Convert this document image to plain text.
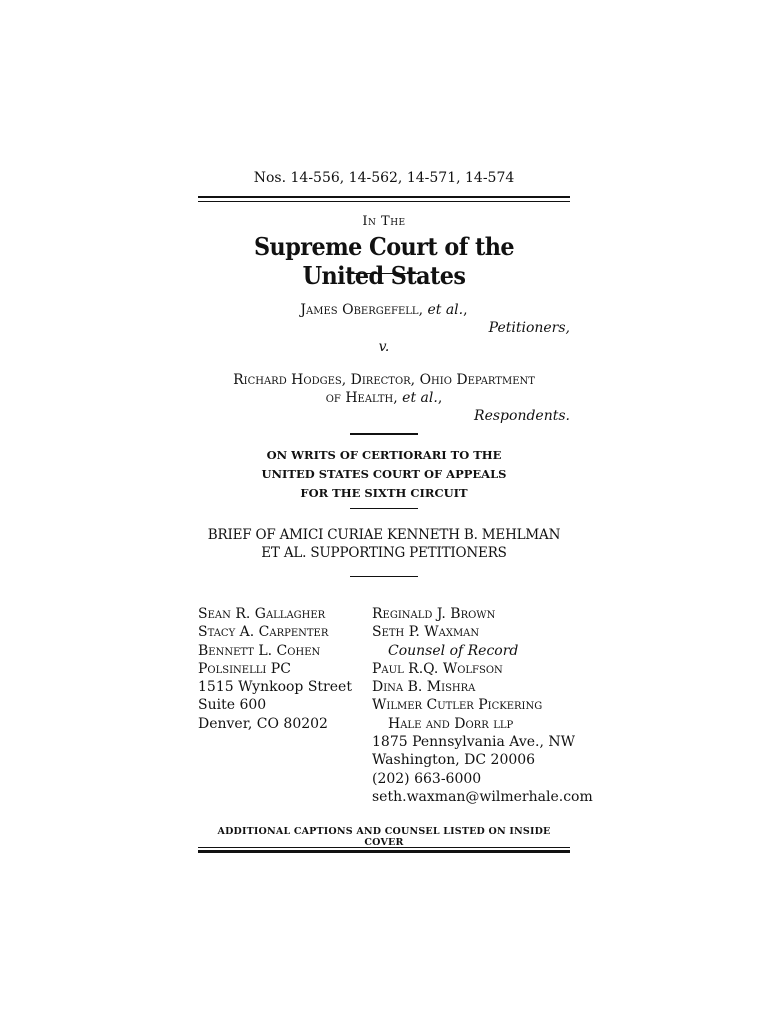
Nos. 14-556, 14-562, 14-571, 14-574
In The
Supreme Court of the United States
James Obergefell, et al.,
Petitioners,
v.
Richard Hodges, Director, Ohio Department
of Health, et al.,
Respondents.
ON WRITS OF CERTIORARI TO THE
UNITED STATES COURT OF APPEALS
FOR THE SIXTH CIRCUIT
BRIEF OF AMICI CURIAE KENNETH B. MEHLMAN
ET AL. SUPPORTING PETITIONERS
Sean R. Gallagher
Stacy A. Carpenter
Bennett L. Cohen
Polsinelli PC
1515 Wynkoop Street
Suite 600
Denver, CO 80202
Reginald J. Brown
Seth P. Waxman
Counsel of Record
Paul R.Q. Wolfson
Dina B. Mishra
Wilmer Cutler Pickering
Hale and Dorr llp
1875 Pennsylvania Ave., NW
Washington, DC 20006
(202) 663-6000
seth.waxman@wilmerhale.com
ADDITIONAL CAPTIONS AND COUNSEL LISTED ON INSIDE COVER
